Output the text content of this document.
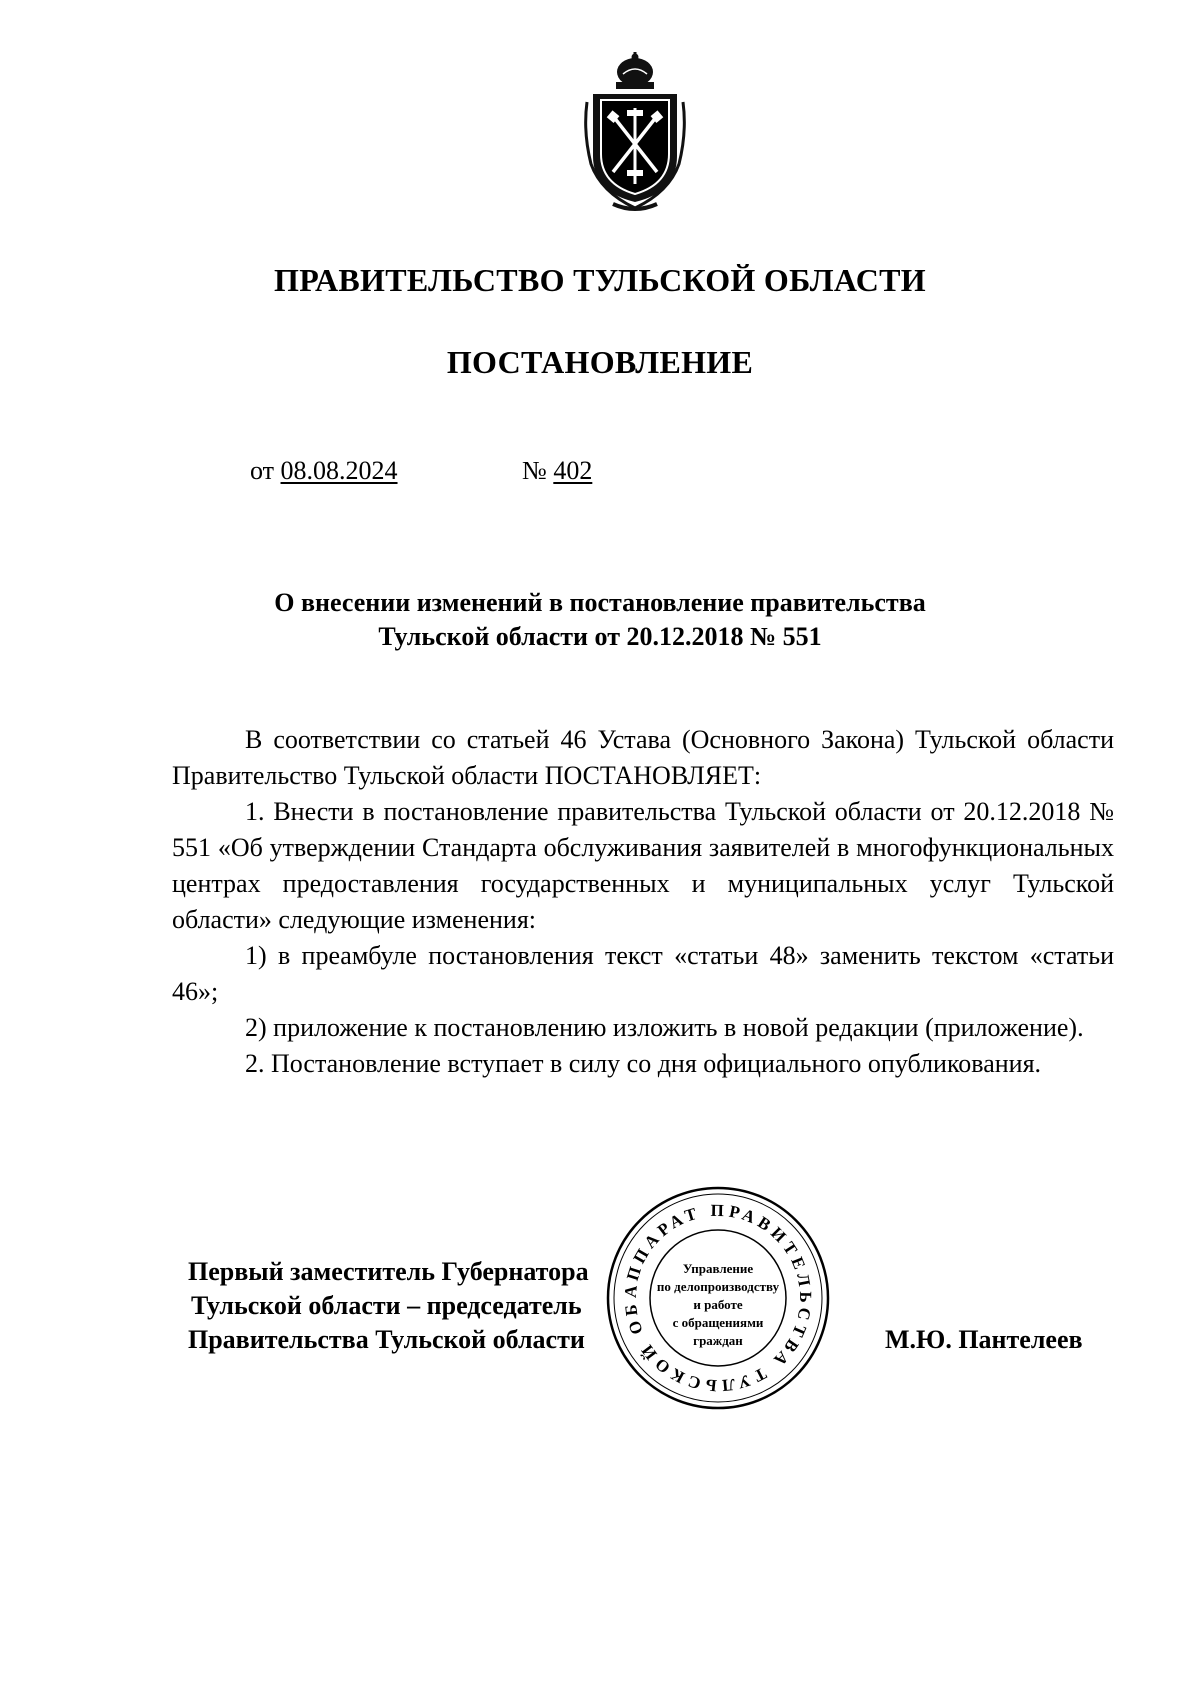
ПРАВИТЕЛЬСТВО ТУЛЬСКОЙ ОБЛАСТИ
ПОСТАНОВЛЕНИЕ
от 08.08.2024	№ 402
О внесении изменений в постановление правительства
Тульской области от 20.12.2018 № 551

В соответствии со статьей 46 Устава (Основного Закона) Тульской области Правительство Тульской области ПОСТАНОВЛЯЕТ:

1. Внести в постановление правительства Тульской области от 20.12.2018 № 551 «Об утверждении Стандарта обслуживания заявителей в многофункциональных центрах предоставления государственных и муниципальных услуг Тульской области» следующие изменения:

1) в преамбуле постановления текст «статьи 48» заменить текстом «статьи 46»;

2) приложение к постановлению изложить в новой редакции (приложение).

2. Постановление вступает в силу со дня официального опубликования.

Первый заместитель Губернатора
Тульской области – председатель
Правительства Тульской области	М.Ю. Пантелеев
АППАРАТ ПРАВИТЕЛЬСТВА ТУЛЬСКОЙ ОБЛАСТИ
Управление
по делопроизводству
и работе
с обращениями
граждан
